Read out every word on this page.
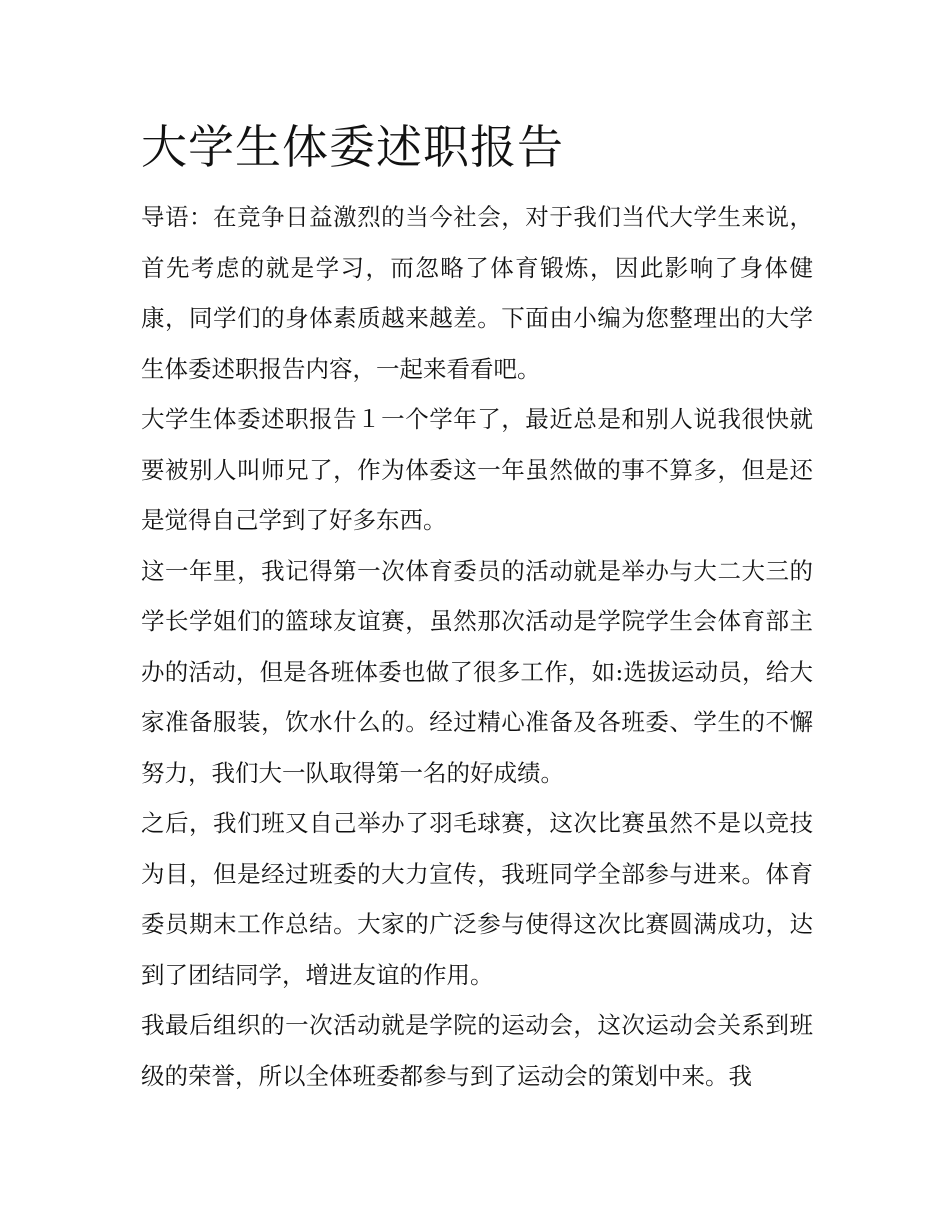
大学生体委述职报告

导语：在竞争日益激烈的当今社会，对于我们当代大学生来说，首先考虑的就是学习，而忽略了体育锻炼，因此影响了身体健康，同学们的身体素质越来越差。下面由小编为您整理出的大学生体委述职报告内容，一起来看看吧。

大学生体委述职报告１一个学年了，最近总是和别人说我很快就要被别人叫师兄了，作为体委这一年虽然做的事不算多，但是还是觉得自己学到了好多东西。

这一年里，我记得第一次体育委员的活动就是举办与大二大三的学长学姐们的篮球友谊赛，虽然那次活动是学院学生会体育部主办的活动，但是各班体委也做了很多工作，如:选拔运动员，给大家准备服装，饮水什么的。经过精心准备及各班委、学生的不懈努力，我们大一队取得第一名的好成绩。

之后，我们班又自己举办了羽毛球赛，这次比赛虽然不是以竞技为目，但是经过班委的大力宣传，我班同学全部参与进来。体育委员期末工作总结。大家的广泛参与使得这次比赛圆满成功，达到了团结同学，增进友谊的作用。

我最后组织的一次活动就是学院的运动会，这次运动会关系到班级的荣誉，所以全体班委都参与到了运动会的策划中来。我
